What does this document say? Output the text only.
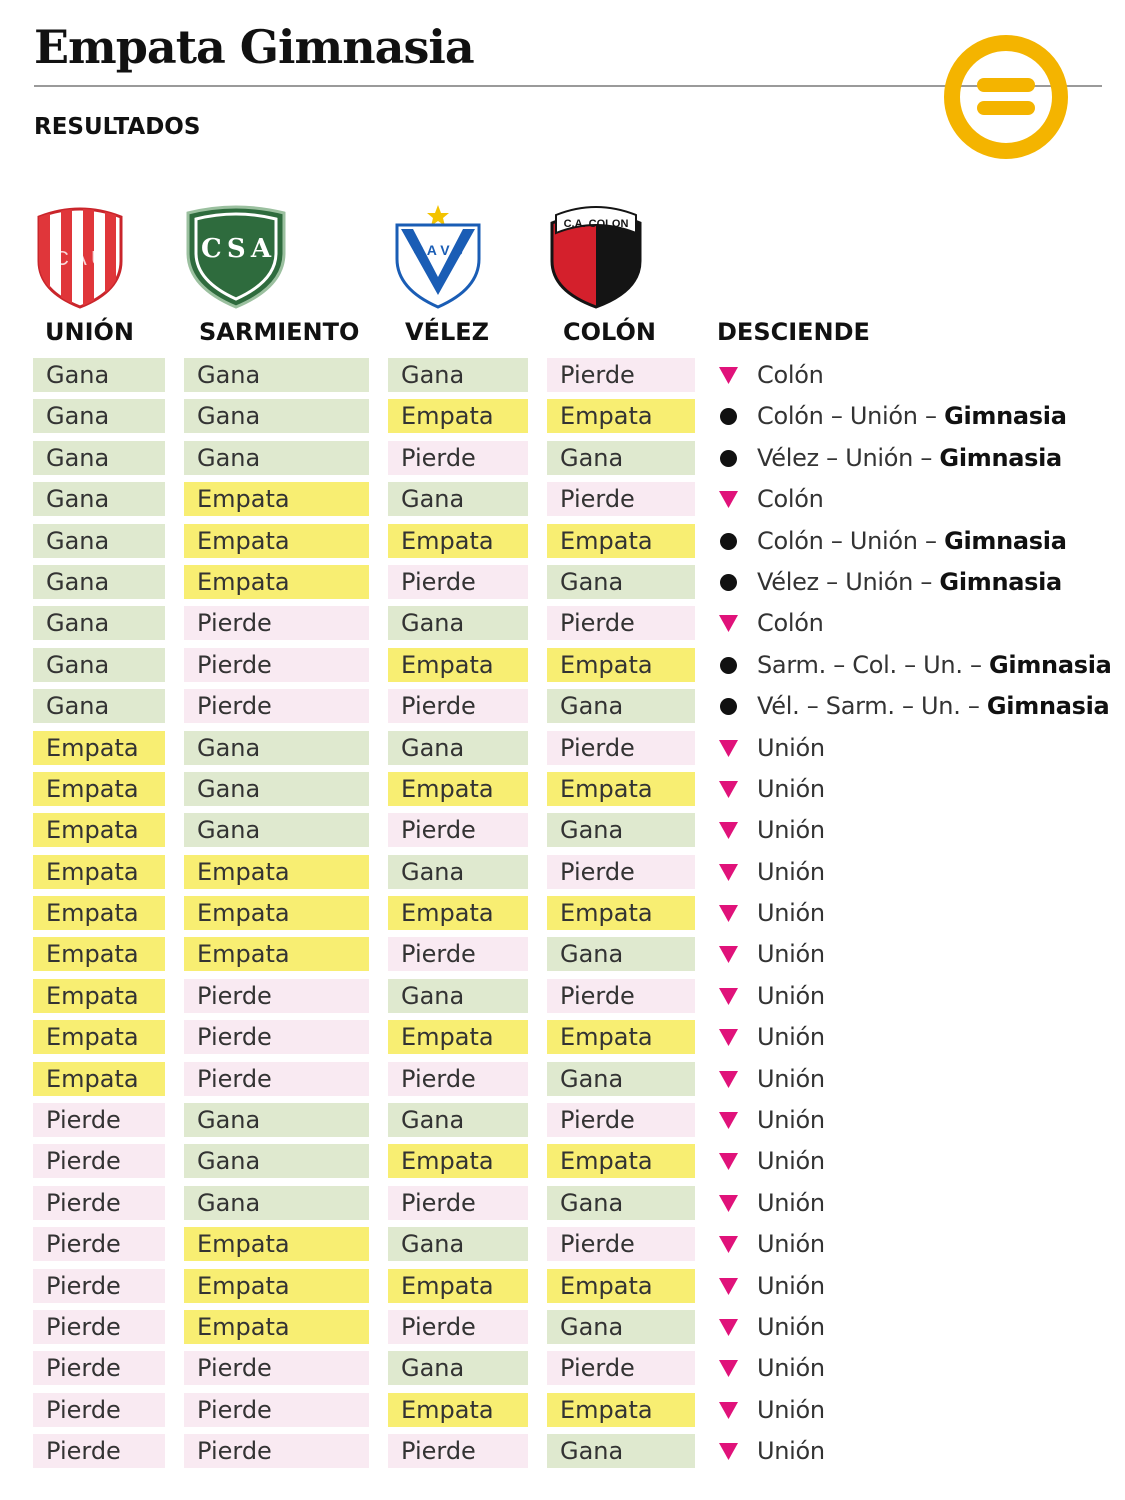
Empata Gimnasia
RESULTADOS
C A U	C S A	C A V S
C.A. COLON
UNIÓN	SARMIENTO VÉLEZ	COLÓN	DESCIENDE
Gana	Gana	Gana	Pierde	Colón
Gana	Gana	Empata	Empata	Colón – Unión – Gimnasia
Gana	Gana	Pierde	Gana	Vélez – Unión – Gimnasia
Gana	Empata	Gana	Pierde	Colón
Gana	Empata	Empata	Empata	Colón – Unión – Gimnasia
Gana	Empata	Pierde	Gana	Vélez – Unión – Gimnasia
Gana	Pierde	Gana	Pierde	Colón
Gana	Pierde	Empata	Empata	Sarm. – Col. – Un. – Gimnasia
Gana	Pierde	Pierde	Gana	Vél. – Sarm. – Un. – Gimnasia
Empata	Gana	Gana	Pierde	Unión
Empata	Gana	Empata	Empata	Unión
Empata	Gana	Pierde	Gana	Unión
Empata	Empata	Gana	Pierde	Unión
Empata	Empata	Empata	Empata	Unión
Empata	Empata	Pierde	Gana	Unión
Empata	Pierde	Gana	Pierde	Unión
Empata	Pierde	Empata	Empata	Unión
Empata	Pierde	Pierde	Gana	Unión
Pierde	Gana	Gana	Pierde	Unión
Pierde	Gana	Empata	Empata	Unión
Pierde	Gana	Pierde	Gana	Unión
Pierde	Empata	Gana	Pierde	Unión
Pierde	Empata	Empata	Empata	Unión
Pierde	Empata	Pierde	Gana	Unión
Pierde	Pierde	Gana	Pierde	Unión
Pierde	Pierde	Empata	Empata	Unión
Pierde	Pierde	Pierde	Gana	Unión
